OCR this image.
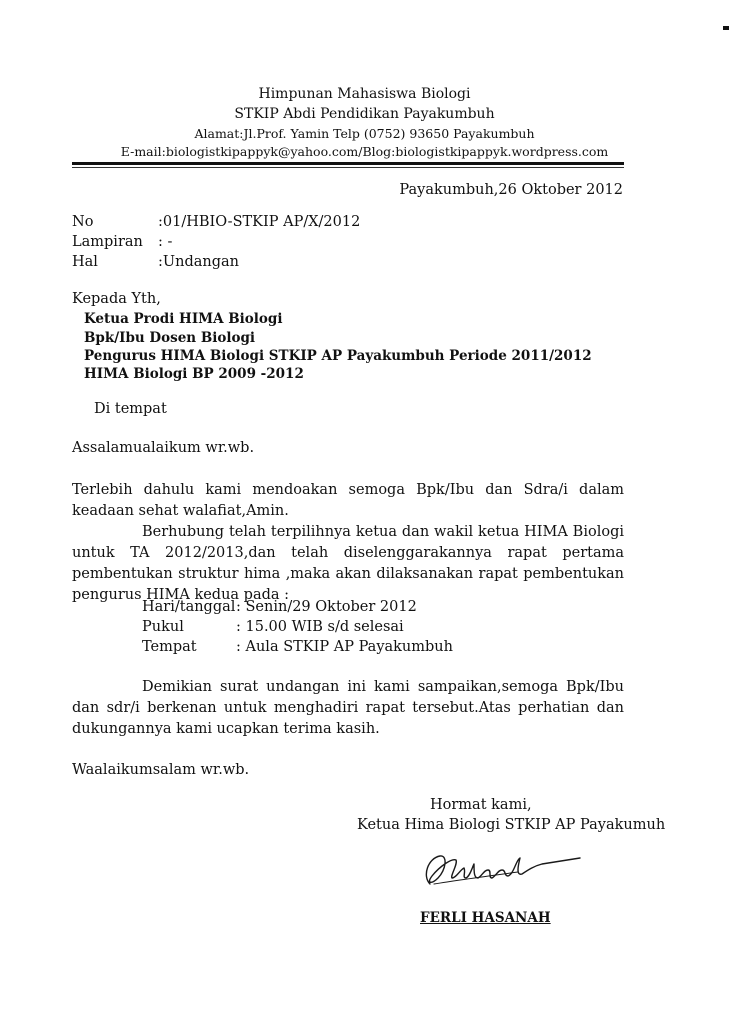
Himpunan Mahasiswa Biologi
STKIP Abdi Pendidikan Payakumbuh
Alamat:Jl.Prof. Yamin Telp (0752) 93650 Payakumbuh
E-mail:biologistkipappyk@yahoo.com/Blog:biologistkipappyk.wordpress.com
Payakumbuh,26 Oktober 2012
No	:01/HBIO-STKIP AP/X/2012
Lampiran : -
Hal	:Undangan
Kepada Yth,
Ketua Prodi HIMA Biologi
Bpk/Ibu Dosen Biologi
Pengurus HIMA Biologi STKIP AP Payakumbuh Periode 2011/2012
HIMA Biologi BP 2009 -2012
Di tempat
Assalamualaikum wr.wb.
Terlebih dahulu kami mendoakan semoga Bpk/Ibu dan Sdra/i dalam keadaan sehat walafiat,Amin.
Berhubung telah terpilihnya ketua dan wakil ketua HIMA Biologi untuk TA 2012/2013,dan telah diselenggarakannya rapat pertama pembentukan struktur hima ,maka akan dilaksanakan rapat pembentukan pengurus HIMA kedua pada :
Hari/tanggal : Senin/29 Oktober 2012
Pukul	: 15.00 WIB s/d selesai
Tempat	: Aula STKIP AP Payakumbuh
Demikian surat undangan ini kami sampaikan,semoga Bpk/Ibu dan sdr/i berkenan untuk menghadiri rapat tersebut.Atas perhatian dan dukungannya kami ucapkan terima kasih.
Waalaikumsalam wr.wb.
Hormat kami,
Ketua Hima Biologi STKIP AP Payakumuh
FERLI HASANAH
